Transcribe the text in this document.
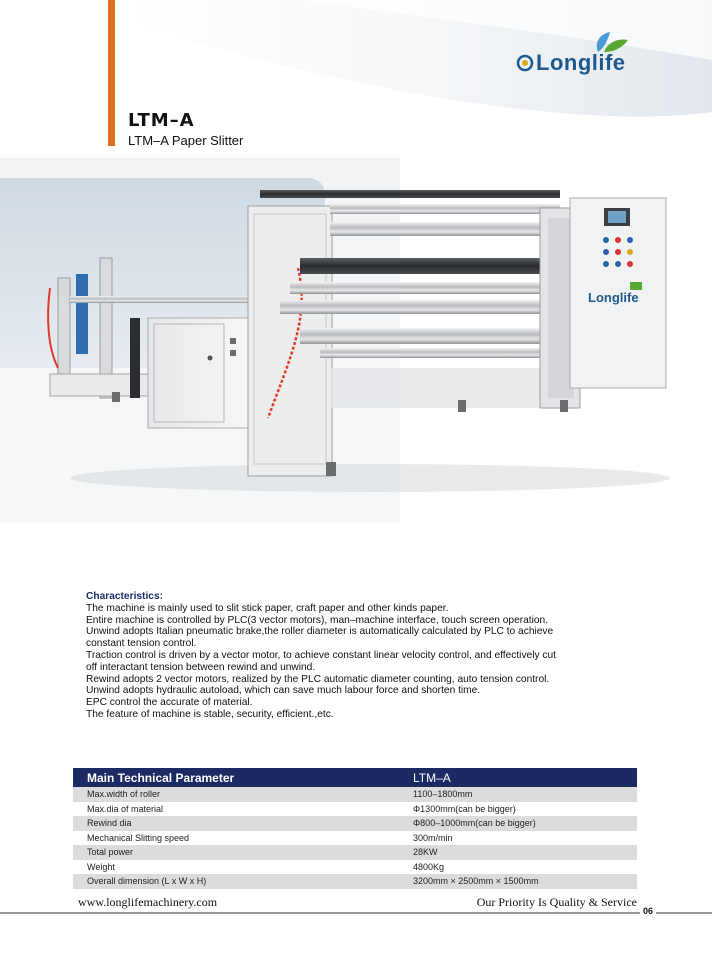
Longlife
LTM–A
LTM–A Paper Slitter
Longlife
Characteristics:
The machine is mainly used to slit stick paper, craft paper and other kinds paper.
Entire machine is controlled by PLC(3 vector motors), man–machine interface, touch screen operation.
Unwind adopts Italian pneumatic brake,the roller diameter is automatically calculated by PLC to achieve
constant tension control.
Traction control is driven by a vector motor, to achieve constant linear velocity control, and effectively cut
off interactant tension between rewind and unwind.
Rewind adopts 2 vector motors, realized by the PLC automatic diameter counting, auto tension control.
Unwind adopts hydraulic autoload, which can save much labour force and shorten time.
EPC control the accurate of material.
The feature of machine is stable, security, efficient.,etc.
Main Technical Parameter	LTM–A
Max.width of roller	1100–1800mm
Max.dia of material	Φ1300mm(can be bigger)
Rewind dia	Φ800–1000mm(can be bigger)
Mechanical Slitting speed	300m/min
Total power	28KW
Weight	4800Kg
Overall dimension (L x W x H)	3200mm × 2500mm × 1500mm
www.longlifemachinery.com	Our Priority Is Quality & Service
06
